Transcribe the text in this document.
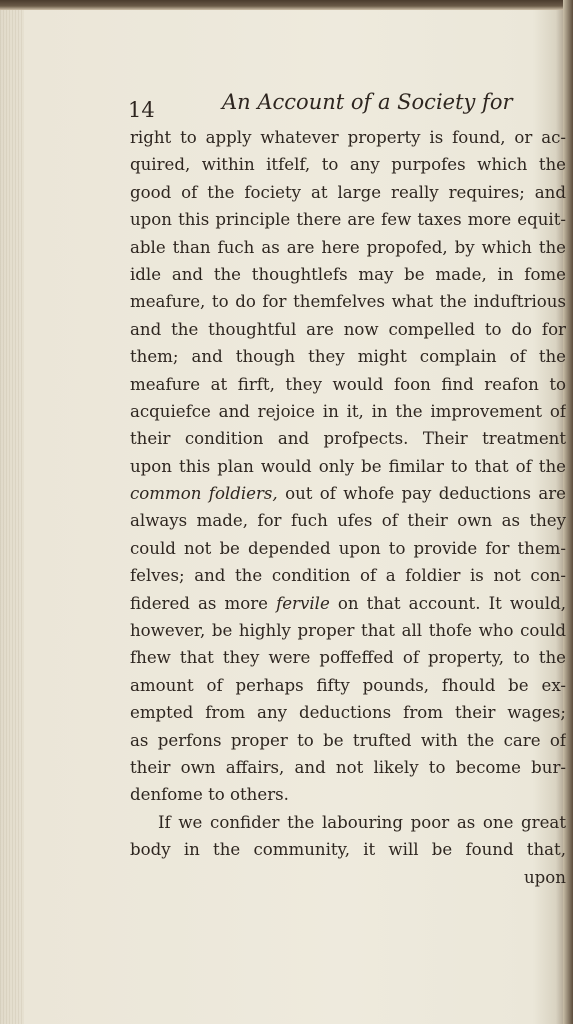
14	An Account of a Society for
right to apply whatever property is found, or ac-
quired, within itfelf, to any purpofes which the
good of the fociety at large really requires; and
upon this principle there are few taxes more equit-
able than fuch as are here propofed, by which the
idle and the thoughtlefs may be made, in fome
meafure, to do for themfelves what the induftrious
and the thoughtful are now compelled to do for
them; and though they might complain of the
meafure at firft, they would foon find reafon to
acquiefce and rejoice in it, in the improvement of
their condition and profpects. Their treatment
upon this plan would only be fimilar to that of the
common foldiers, out of whofe pay deductions are
always made, for fuch ufes of their own as they
could not be depended upon to provide for them-
felves; and the condition of a foldier is not con-
fidered as more fervile on that account. It would,
however, be highly proper that all thofe who could
fhew that they were poffeffed of property, to the
amount of perhaps fifty pounds, fhould be ex-
empted from any deductions from their wages;
as perfons proper to be trufted with the care of
their own affairs, and not likely to become bur-
denfome to others.
If we confider the labouring poor as one great
body in the community, it will be found that,
upon
